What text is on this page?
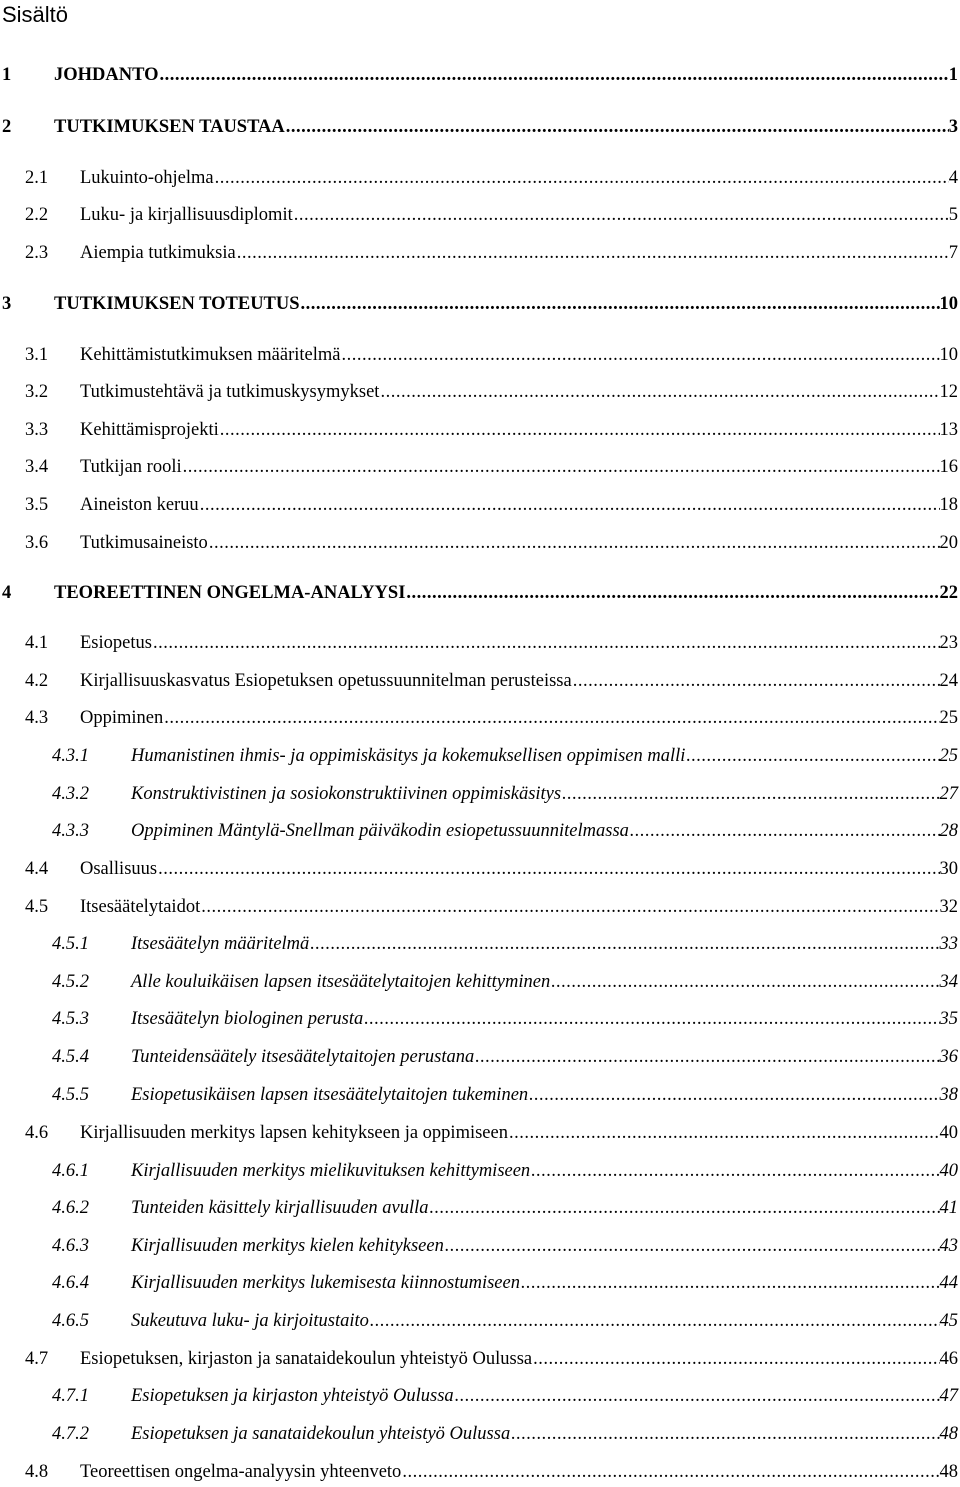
Sisältö
1 JOHDANTO .....	1
2 TUTKIMUKSEN TAUSTAA .....	3
2.1 Lukuinto-ohjelma .....	4
2.2 Luku- ja kirjallisuusdiplomit .....	5
2.3 Aiempia tutkimuksia .....	7
3 TUTKIMUKSEN TOTEUTUS .....	10
3.1 Kehittämistutkimuksen määritelmä .....	10
3.2 Tutkimustehtävä ja tutkimuskysymykset .....	12
3.3 Kehittämisprojekti .....	13
3.4 Tutkijan rooli .....	16
3.5 Aineiston keruu .....	18
3.6 Tutkimusaineisto .....	20
4 TEOREETTINEN ONGELMA-ANALYYSI .....	22
4.1 Esiopetus .....	23
4.2 Kirjallisuuskasvatus Esiopetuksen opetussuunnitelman perusteissa .....	24
4.3 Oppiminen .....	25
4.3.1 Humanistinen ihmis- ja oppimiskäsitys ja kokemuksellisen oppimisen malli .....	25
4.3.2 Konstruktivistinen ja sosiokonstruktiivinen oppimiskäsitys .....	27
4.3.3 Oppiminen Mäntylä-Snellman päiväkodin esiopetussuunnitelmassa .....	28
4.4 Osallisuus .....	30
4.5 Itsesäätelytaidot .....	32
4.5.1 Itsesäätelyn määritelmä .....	33
4.5.2 Alle kouluikäisen lapsen itsesäätelytaitojen kehittyminen .....	34
4.5.3 Itsesäätelyn biologinen perusta .....	35
4.5.4 Tunteidensäätely itsesäätelytaitojen perustana .....	36
4.5.5 Esiopetusikäisen lapsen itsesäätelytaitojen tukeminen .....	38
4.6 Kirjallisuuden merkitys lapsen kehitykseen ja oppimiseen .....	40
4.6.1 Kirjallisuuden merkitys mielikuvituksen kehittymiseen .....	40
4.6.2 Tunteiden käsittely kirjallisuuden avulla .....	41
4.6.3 Kirjallisuuden merkitys kielen kehitykseen .....	43
4.6.4 Kirjallisuuden merkitys lukemisesta kiinnostumiseen .....	44
4.6.5 Sukeutuva luku- ja kirjoitustaito .....	45
4.7 Esiopetuksen, kirjaston ja sanataidekoulun yhteistyö Oulussa .....	46
4.7.1 Esiopetuksen ja kirjaston yhteistyö Oulussa .....	47
4.7.2 Esiopetuksen ja sanataidekoulun yhteistyö Oulussa .....	48
4.8 Teoreettisen ongelma-analyysin yhteenveto .....	48
